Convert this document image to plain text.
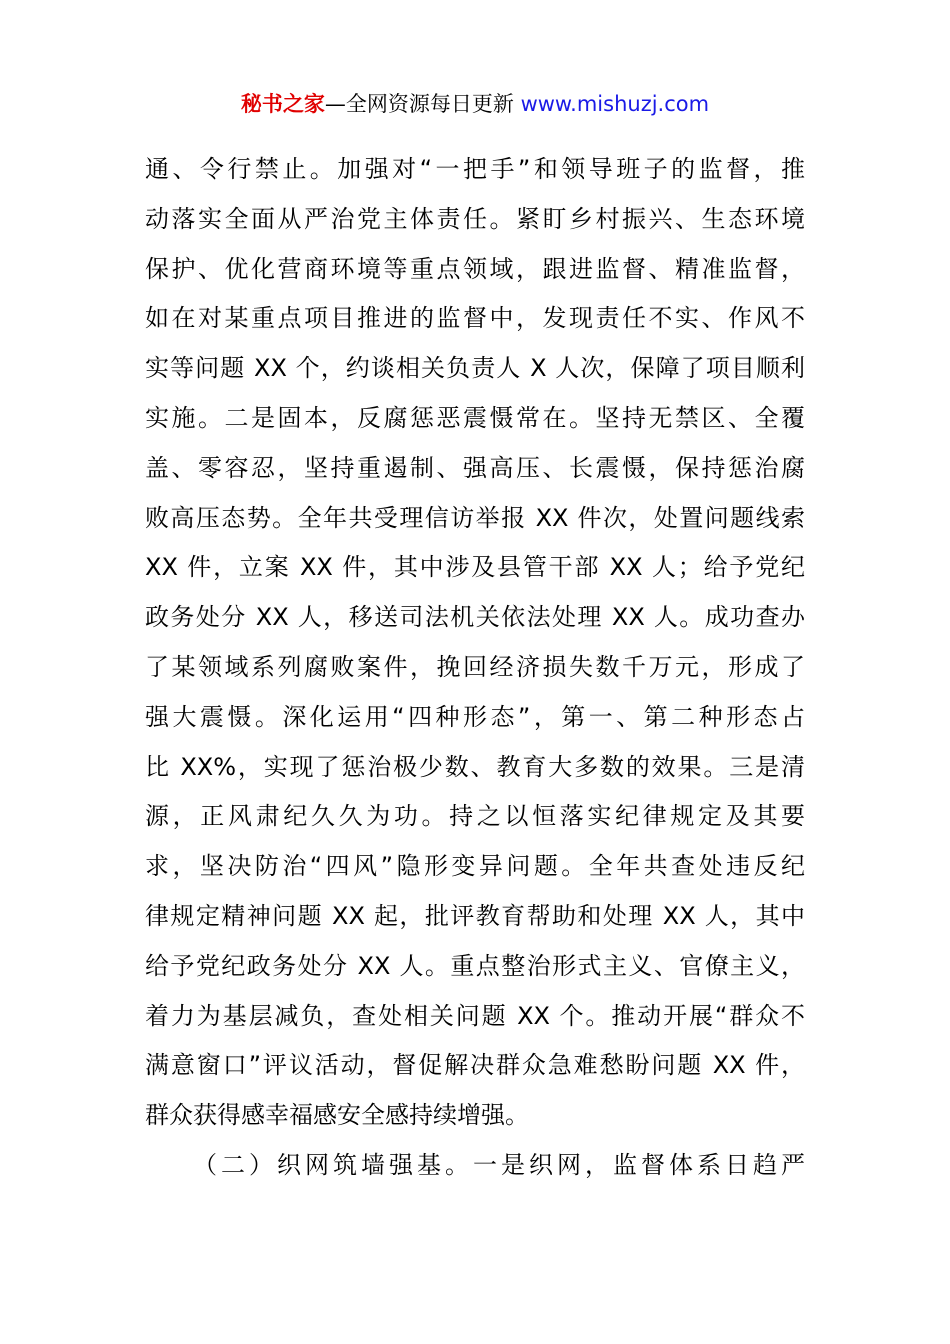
秘书之家—全网资源每日更新 www.mishuzj.com
通、令行禁止。加强对“一把手”和领导班子的监督，推
动落实全面从严治党主体责任。紧盯乡村振兴、生态环境
保护、优化营商环境等重点领域，跟进监督、精准监督，
如在对某重点项目推进的监督中，发现责任不实、作风不
实等问题 XX 个，约谈相关负责人 X 人次，保障了项目顺利
实施。二是固本，反腐惩恶震慑常在。坚持无禁区、全覆
盖、零容忍，坚持重遏制、强高压、长震慑，保持惩治腐
败高压态势。全年共受理信访举报 XX 件次，处置问题线索
XX 件，立案 XX 件，其中涉及县管干部 XX 人；给予党纪
政务处分 XX 人，移送司法机关依法处理 XX 人。成功查办
了某领域系列腐败案件，挽回经济损失数千万元，形成了
强大震慑。深化运用“四种形态”，第一、第二种形态占
比 XX%，实现了惩治极少数、教育大多数的效果。三是清
源，正风肃纪久久为功。持之以恒落实纪律规定及其要
求，坚决防治“四风”隐形变异问题。全年共查处违反纪
律规定精神问题 XX 起，批评教育帮助和处理 XX 人，其中
给予党纪政务处分 XX 人。重点整治形式主义、官僚主义，
着力为基层减负，查处相关问题 XX 个。推动开展“群众不
满意窗口”评议活动，督促解决群众急难愁盼问题 XX 件，
群众获得感幸福感安全感持续增强。
（二）织网筑墙强基。一是织网，监督体系日趋严
